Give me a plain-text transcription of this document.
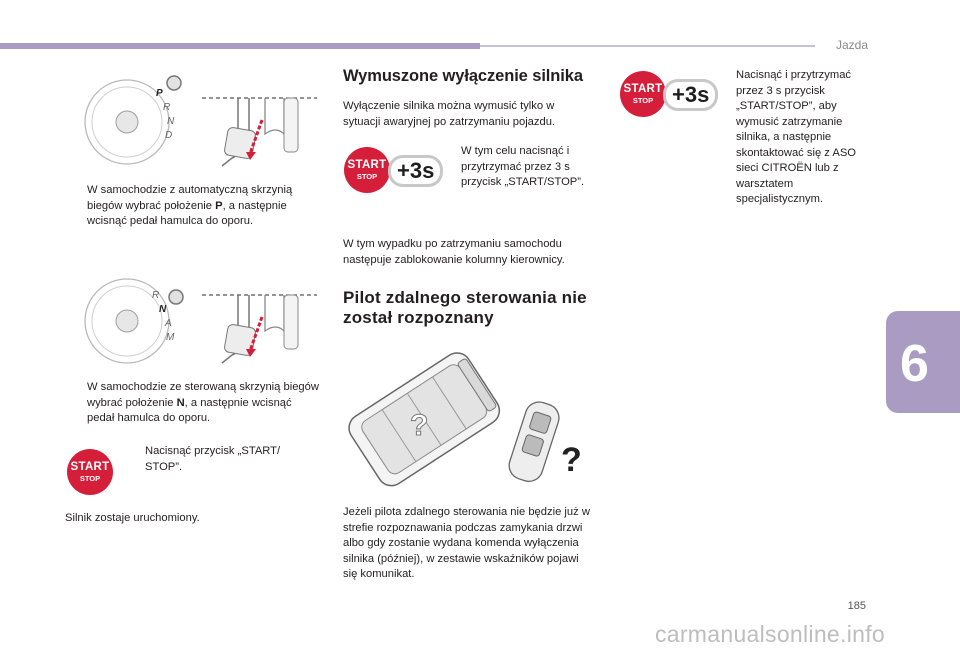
Jazda
6
P
R
N
D
W samochodzie z automatyczną skrzynią biegów wybrać położenie P, a następnie wcisnąć pedał hamulca do oporu.
R
N
A
M
W samochodzie ze sterowaną skrzynią biegów wybrać położenie N, a następnie wcisnąć pedał hamulca do oporu.
START
STOP
Nacisnąć przycisk „START/ STOP”.
Silnik zostaje uruchomiony.
Wymuszone wyłączenie silnika
Wyłączenie silnika można wymusić tylko w sytuacji awaryjnej po zatrzymaniu pojazdu.
START
STOP +3s
W tym celu nacisnąć i przytrzymać przez 3 s przycisk „START/STOP”.
W tym wypadku po zatrzymaniu samochodu następuje zablokowanie kolumny kierownicy.
Pilot zdalnego sterowania nie został rozpoznany
?
?
Jeżeli pilota zdalnego sterowania nie będzie już w strefie rozpoznawania podczas zamykania drzwi albo gdy zostanie wydana komenda wyłączenia silnika (później), w zestawie wskaźników pojawi się komunikat.
START
STOP +3s
Nacisnąć i przytrzymać przez 3 s przycisk „START/STOP”, aby wymusić zatrzymanie silnika, a następnie skontaktować się z ASO sieci CITROËN lub z warsztatem specjalistycznym.
185
carmanualsonline.info
